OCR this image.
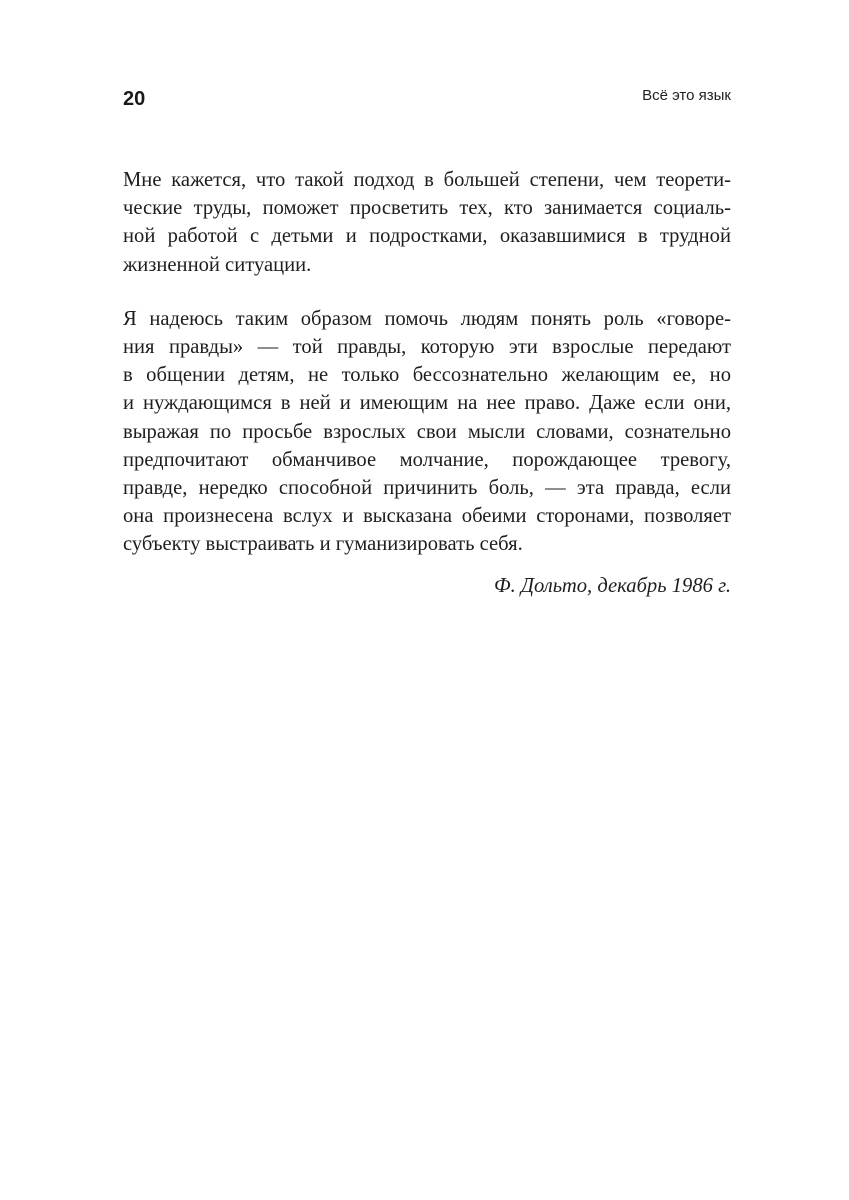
20	Всё это язык
Мне кажется, что такой подход в большей степени, чем теорети-
ческие труды, поможет просветить тех, кто занимается социаль-
ной работой с детьми и подростками, оказавшимися в трудной
жизненной ситуации.
Я надеюсь таким образом помочь людям понять роль «говоре-
ния правды» — той правды, которую эти взрослые передают
в общении детям, не только бессознательно желающим ее, но
и нуждающимся в ней и имеющим на нее право. Даже если они,
выражая по просьбе взрослых свои мысли словами, сознательно
предпочитают обманчивое молчание, порождающее тревогу,
правде, нередко способной причинить боль, — эта правда, если
она произнесена вслух и высказана обеими сторонами, позволяет
субъекту выстраивать и гуманизировать себя.
Ф. Дольто, декабрь 1986 г.
